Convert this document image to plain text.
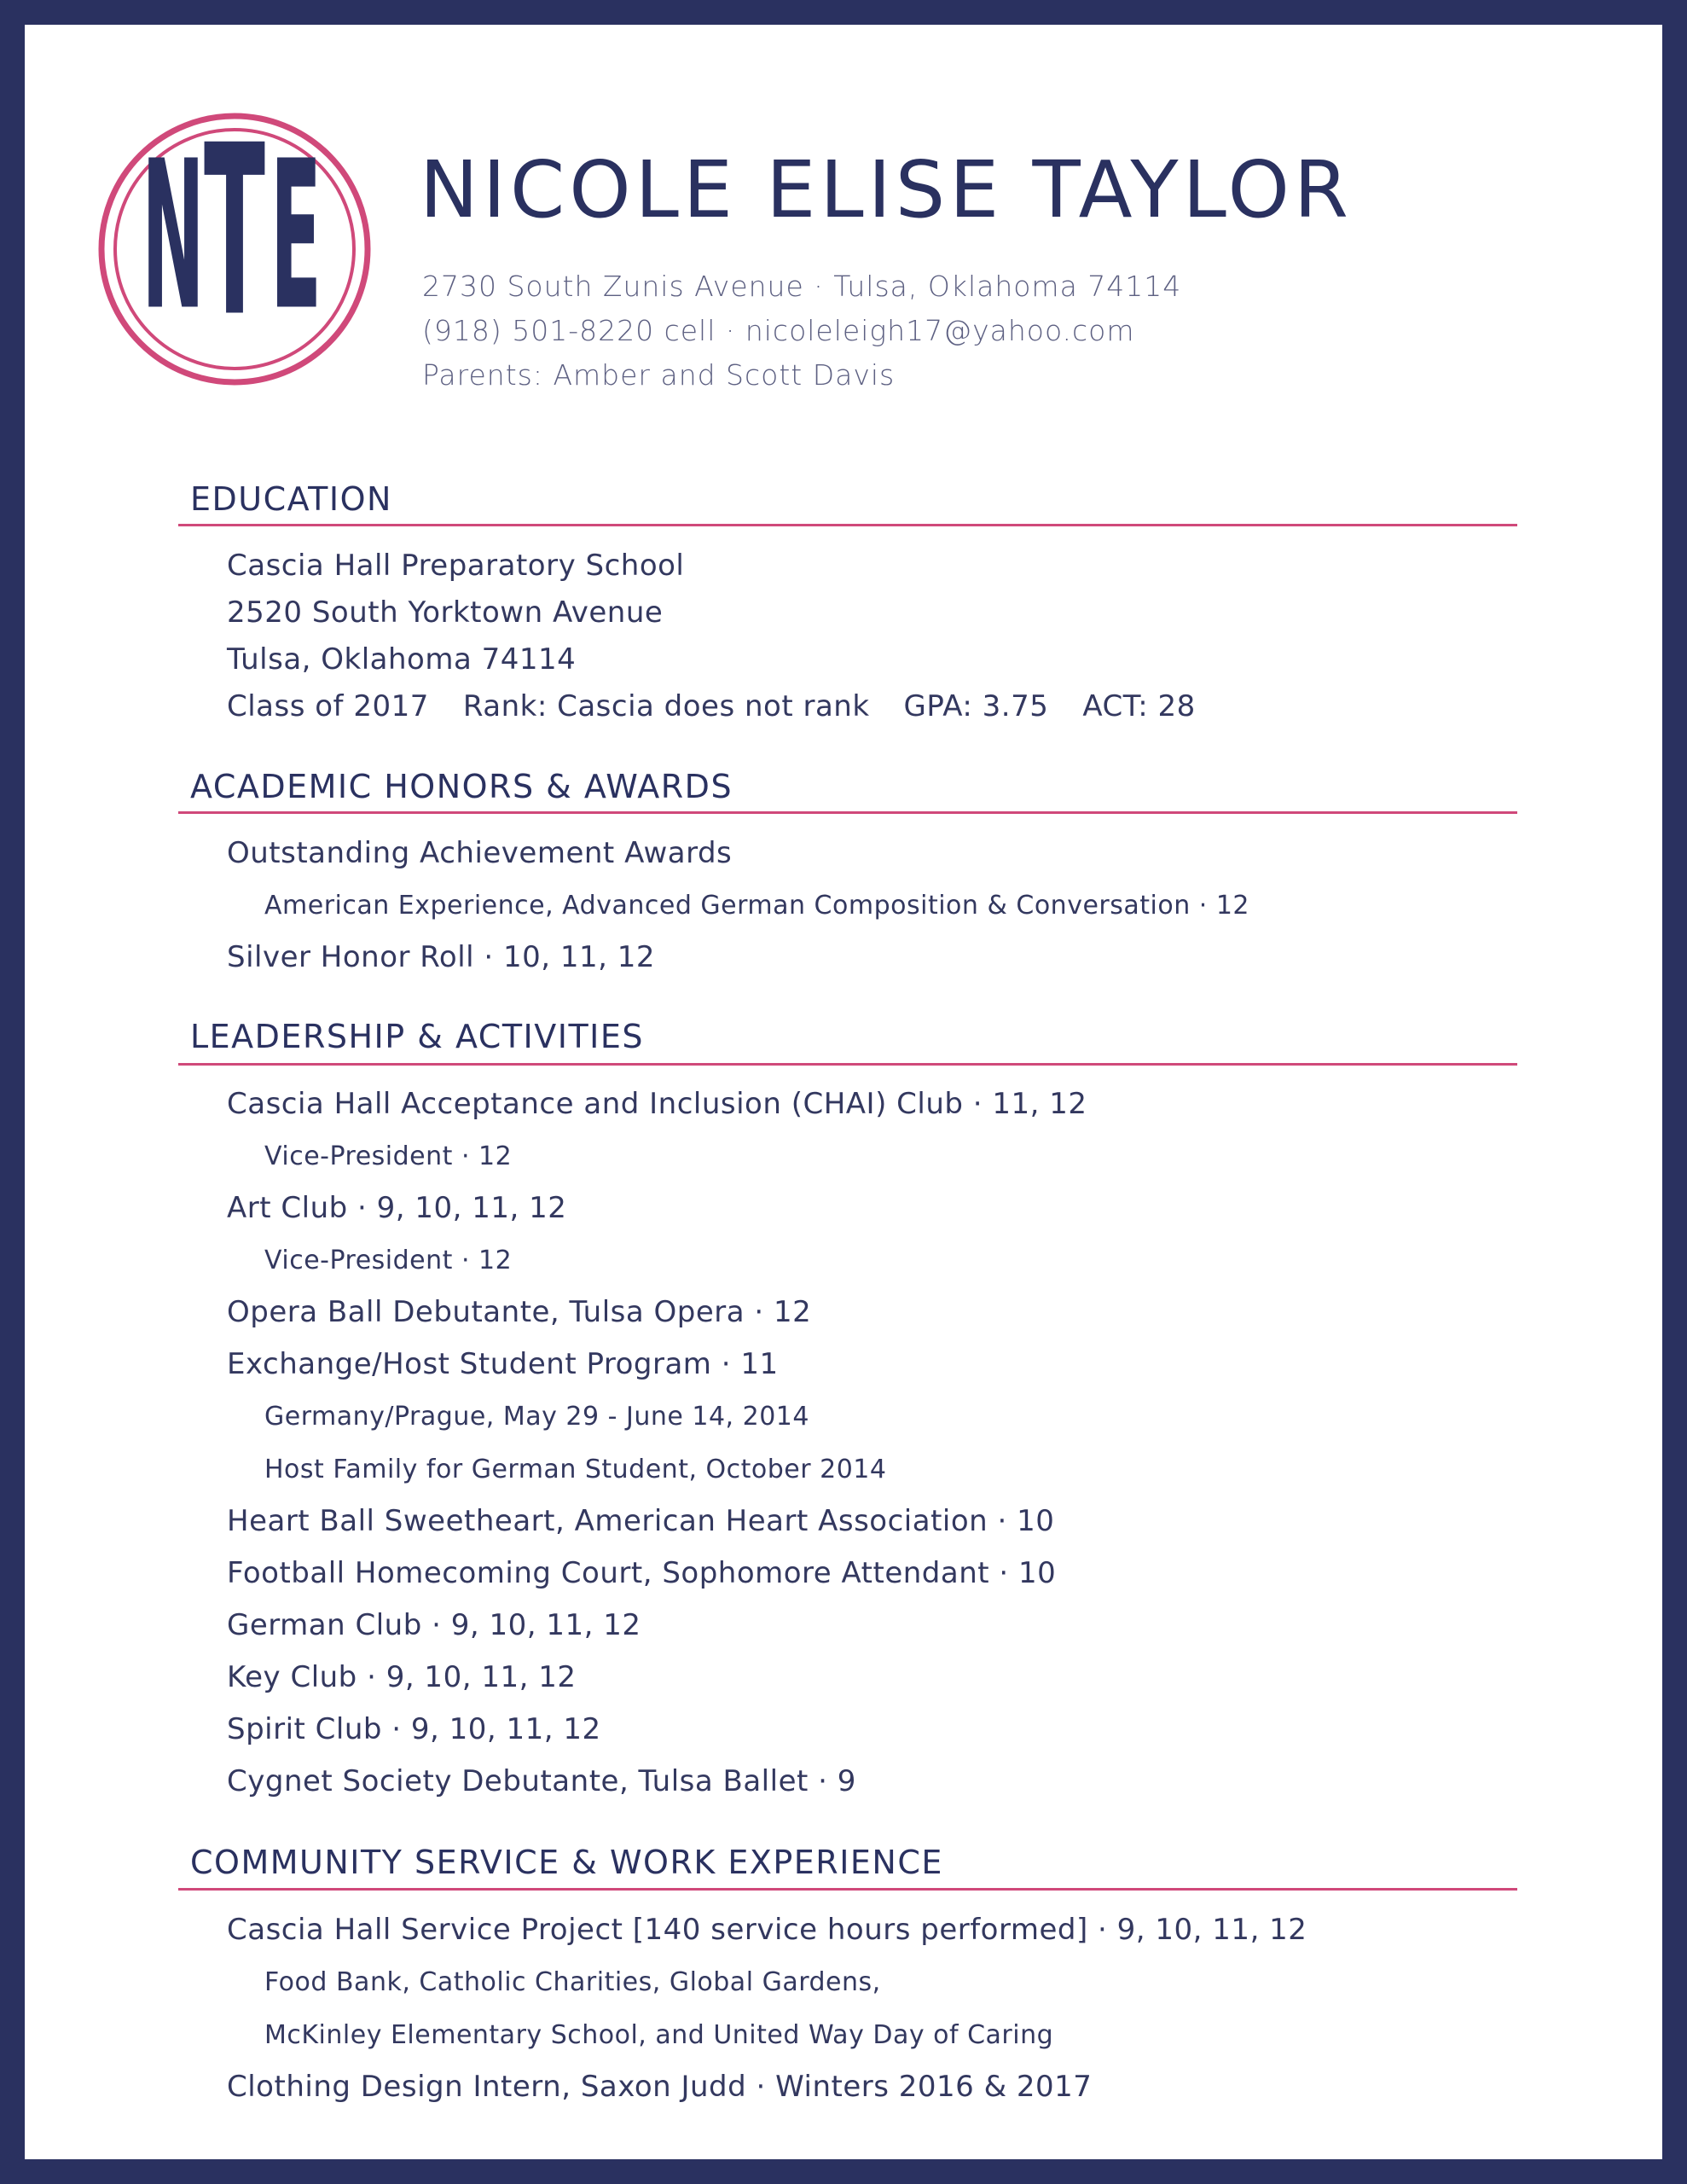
N T E NICOLE ELISE TAYLOR
2730 South Zunis Avenue · Tulsa, Oklahoma 74114
(918) 501-8220 cell · nicoleleigh17@yahoo.com
Parents: Amber and Scott Davis
EDUCATION
Cascia Hall Preparatory School
2520 South Yorktown Avenue
Tulsa, Oklahoma 74114
Class of 2017 Rank: Cascia does not rank GPA: 3.75 ACT: 28
ACADEMIC HONORS & AWARDS
Outstanding Achievement Awards
American Experience, Advanced German Composition & Conversation · 12
Silver Honor Roll · 10, 11, 12
LEADERSHIP & ACTIVITIES
Cascia Hall Acceptance and Inclusion (CHAI) Club · 11, 12
Vice-President · 12
Art Club · 9, 10, 11, 12
Vice-President · 12
Opera Ball Debutante, Tulsa Opera · 12
Exchange/Host Student Program · 11
Germany/Prague, May 29 - June 14, 2014
Host Family for German Student, October 2014
Heart Ball Sweetheart, American Heart Association · 10
Football Homecoming Court, Sophomore Attendant · 10
German Club · 9, 10, 11, 12
Key Club · 9, 10, 11, 12
Spirit Club · 9, 10, 11, 12
Cygnet Society Debutante, Tulsa Ballet · 9
COMMUNITY SERVICE & WORK EXPERIENCE
Cascia Hall Service Project [140 service hours performed] · 9, 10, 11, 12
Food Bank, Catholic Charities, Global Gardens,
McKinley Elementary School, and United Way Day of Caring
Clothing Design Intern, Saxon Judd · Winters 2016 & 2017
